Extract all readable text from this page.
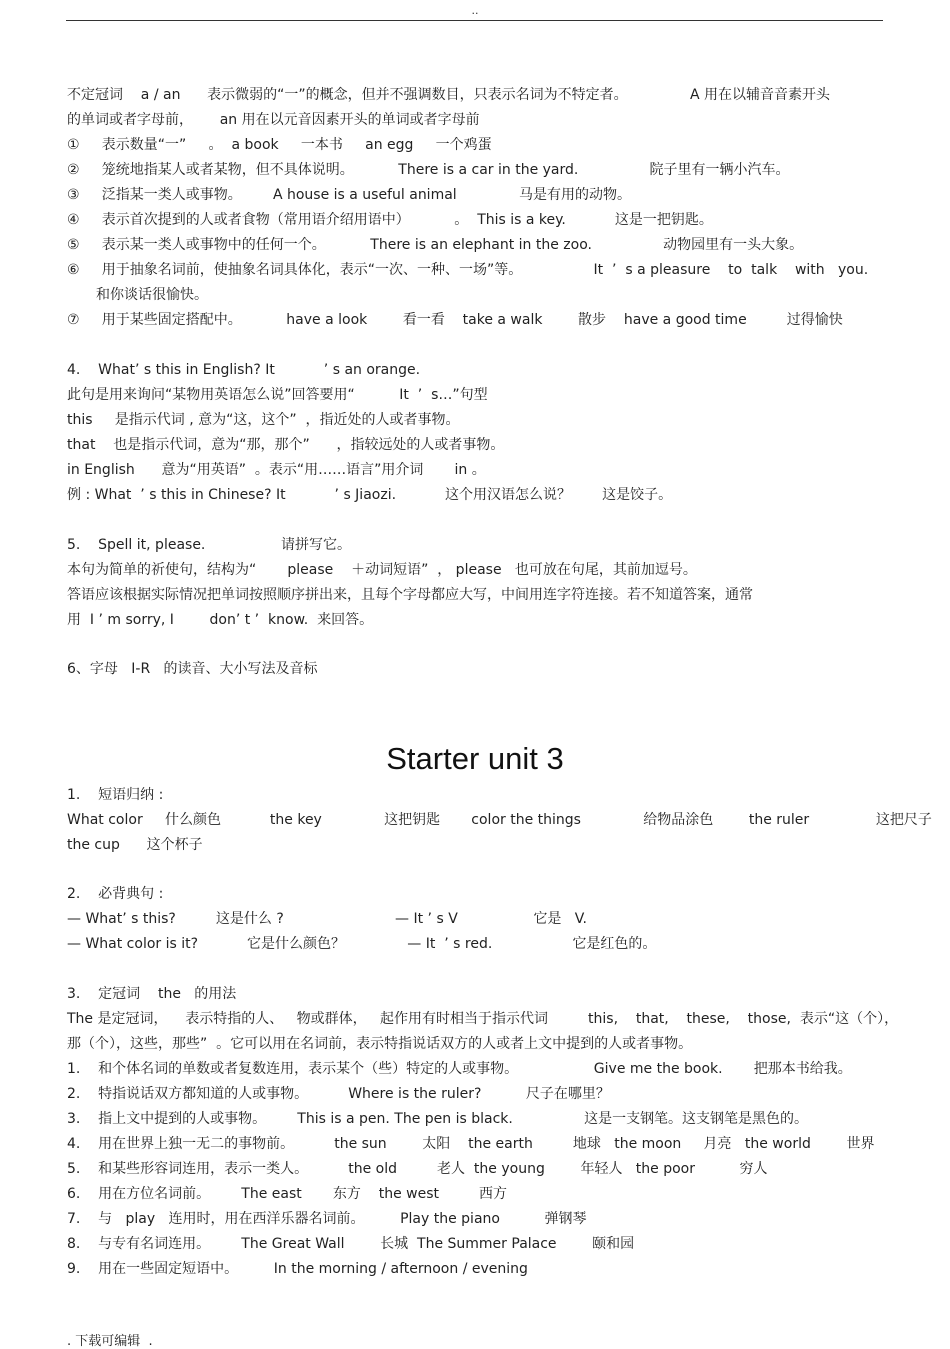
..
不定冠词    a / an      表示微弱的“一”的概念，但并不强调数目，只表示名词为不特定者。              A 用在以辅音音素开头
的单词或者字母前，      an 用在以元音因素开头的单词或者字母前
①     表示数量“一”     。  a book     一本书     an egg     一个鸡蛋
②     笼统地指某人或者某物，但不具体说明。          There is a car in the yard.                院子里有一辆小汽车。
③     泛指某一类人或事物。       A house is a useful animal              马是有用的动物。
④     表示首次提到的人或者食物（常用语介绍用语中）          。  This is a key.           这是一把钥匙。
⑤     表示某一类人或事物中的任何一个。          There is an elephant in the zoo.                动物园里有一头大象。
⑥     用于抽象名词前，使抽象名词具体化，表示“一次、一种、一场”等。                It  ’  s a pleasure    to  talk    with   you.
和你谈话很愉快。
⑦     用于某些固定搭配中。          have a look        看一看    take a walk        散步    have a good time         过得愉快
4.    What’ s this in English? It           ’ s an orange.
此句是用来询问“某物用英语怎么说”回答要用“          It  ’  s…”句型
this     是指示代词 , 意为“这，这个”  ，指近处的人或者事物。
that    也是指示代词，意为“那，那个”      ，指较远处的人或者事物。
in English      意为“用英语”  。表示“用……语言”用介词       in 。
例 : What  ’ s this in Chinese? It           ’ s Jiaozi.           这个用汉语怎么说？       这是饺子。
5.    Spell it, please.                 请拼写它。
本句为简单的祈使句，结构为“       please    ＋动词短语”  ， please   也可放在句尾，其前加逗号。
答语应该根据实际情况把单词按照顺序拼出来，且每个字母都应大写，中间用连字符连接。若不知道答案，通常
用  I ’ m sorry, I        don’ t ’  know.  来回答。
6、字母   I-R   的读音、大小写法及音标
Starter unit 3
1.    短语归纳 :
What color     什么颜色           the key              这把钥匙       color the things              给物品涂色        the ruler               这把尺子
the cup      这个杯子
2.    必背典句 :
— What’ s this?         这是什么 ?                         — It ’ s V                 它是   V.
— What color is it?           它是什么颜色？              — It  ’ s red.                  它是红色的。
3.    定冠词    the   的用法
The 是定冠词，    表示特指的人、   物或群体，   起作用有时相当于指示代词         this,    that,    these,    those,  表示“这（个），
那（个），这些，那些”  。它可以用在名词前，表示特指说话双方的人或者上文中提到的人或者事物。
1.    和个体名词的单数或者复数连用，表示某个（些）特定的人或事物。                 Give me the book.       把那本书给我。
2.    特指说话双方都知道的人或事物。         Where is the ruler?          尺子在哪里？
3.    指上文中提到的人或事物。       This is a pen. The pen is black.                这是一支钢笔。这支钢笔是黑色的。
4.    用在世界上独一无二的事物前。         the sun        太阳    the earth         地球   the moon     月亮   the world        世界
5.    和某些形容词连用，表示一类人。         the old         老人  the young        年轻人   the poor          穷人
6.    用在方位名词前。       The east       东方    the west         西方
7.    与   play   连用时，用在西洋乐器名词前。        Play the piano          弹钢琴
8.    与专有名词连用。       The Great Wall        长城  The Summer Palace        颐和园
9.    用在一些固定短语中。        In the morning / afternoon / evening
. 下载可编辑  .
